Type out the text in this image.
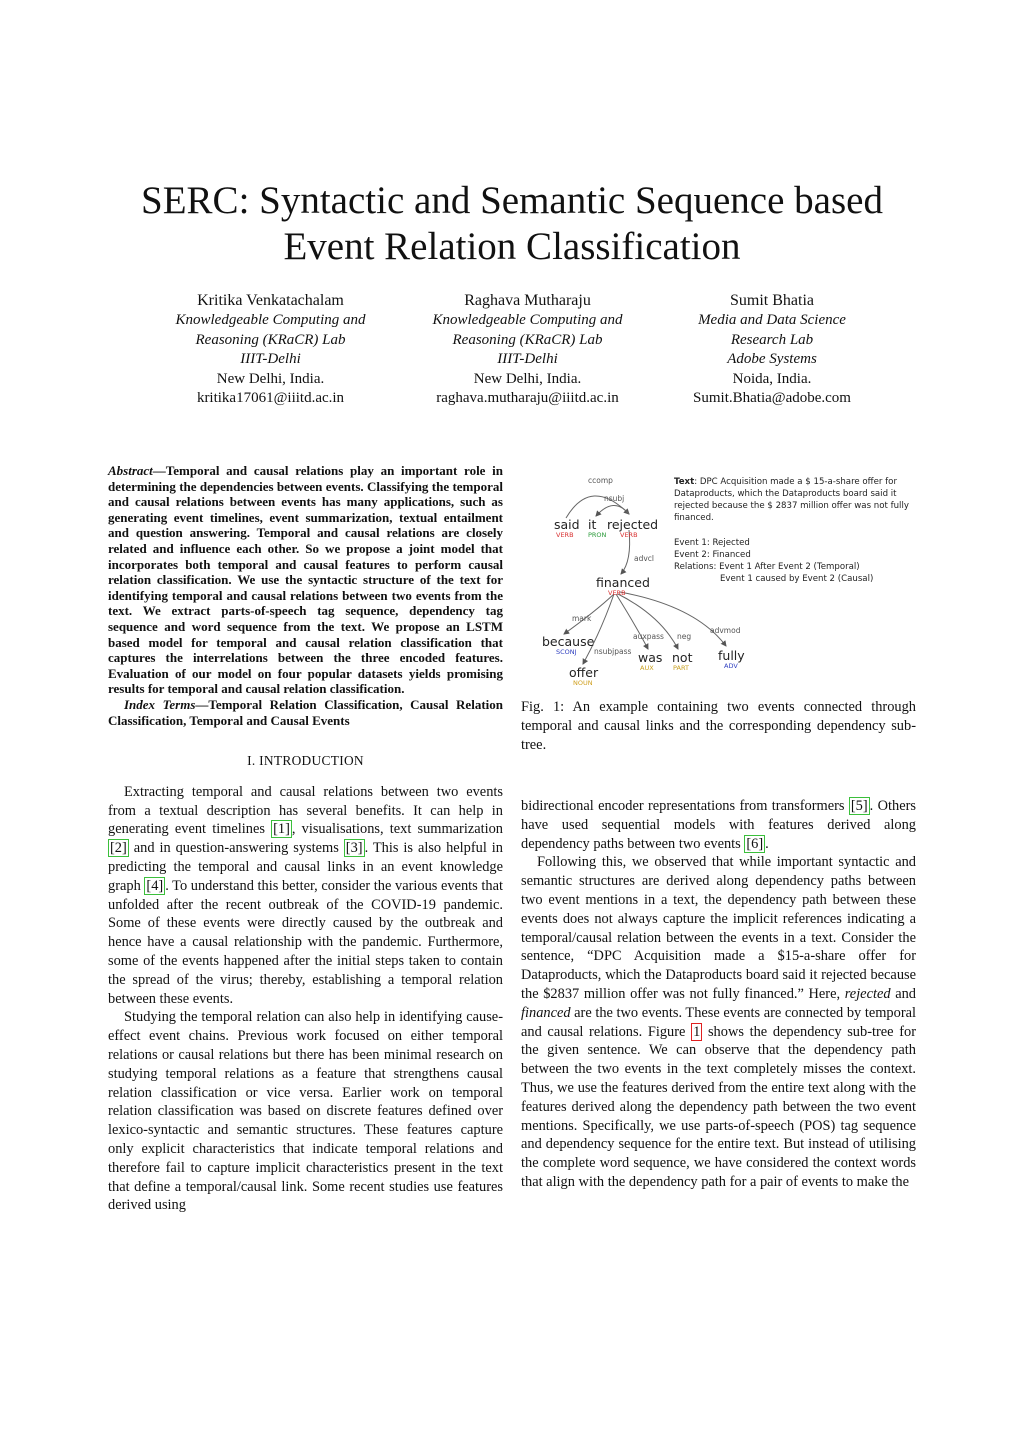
SERC: Syntactic and Semantic Sequence based
Event Relation Classification
Kritika Venkatachalam
Knowledgeable Computing and
Reasoning (KRaCR) Lab
IIIT-Delhi
New Delhi, India.
kritika17061@iiitd.ac.in
Raghava Mutharaju
Knowledgeable Computing and
Reasoning (KRaCR) Lab
IIIT-Delhi
New Delhi, India.
raghava.mutharaju@iiitd.ac.in
Sumit Bhatia
Media and Data Science
Research Lab
Adobe Systems
Noida, India.
Sumit.Bhatia@adobe.com
Abstract—Temporal and causal relations play an important role in determining the dependencies between events. Classifying the temporal and causal relations between events has many applications, such as generating event timelines, event summarization, textual entailment and question answering. Temporal and causal relations are closely related and influence each other. So we propose a joint model that incorporates both temporal and causal features to perform causal relation classification. We use the syntactic structure of the text for identifying temporal and causal relations between two events from the text. We extract parts-of-speech tag sequence, dependency tag sequence and word sequence from the text. We propose an LSTM based model for temporal and causal relation classification that captures the interrelations between the three encoded features. Evaluation of our model on four popular datasets yields promising results for temporal and causal relation classification.
Index Terms—Temporal Relation Classification, Causal Relation Classification, Temporal and Causal Events
I. INTRODUCTION

Extracting temporal and causal relations between two events from a textual description has several benefits. It can help in generating event timelines [1] , visualisations, text summarization [2] and in question-answering systems [3] . This is also helpful in predicting the temporal and causal links in an event knowledge graph [4] . To understand this better, consider the various events that unfolded after the recent outbreak of the COVID-19 pandemic. Some of these events were directly caused by the outbreak and hence have a causal relationship with the pandemic. Furthermore, some of the events happened after the initial steps taken to contain the spread of the virus; thereby, establishing a temporal relation between these events.

Studying the temporal relation can also help in identifying cause-effect event chains. Previous work focused on either temporal relations or causal relations but there has been minimal research on studying temporal relations as a feature that strengthens causal relation classification or vice versa. Earlier work on temporal relation classification was based on discrete features defined over lexico-syntactic and semantic structures. These features capture only explicit characteristics that indicate temporal relations and therefore fail to capture implicit characteristics present in the text that define a temporal/causal link. Some recent studies use features derived using

ccomp
nsubj
advcl
mark
nsubjpass
auxpass neg
advmod
said
VERB
it
PRON
rejected
VERB
financed
VERB
because
SCONJ
offer
NOUN
was
AUX
not
PART
fully
ADV
Text: DPC Acquisition made a $ 15-a-share offer for
Dataproducts, which the Dataproducts board said it
rejected because the $ 2837 million offer was not fully
financed.
Event 1: Rejected
Event 2: Financed
Relations: Event 1 After Event 2 (Temporal)
Event 1 caused by Event 2 (Causal)
Fig. 1: An example containing two events connected through temporal and causal links and the corresponding dependency sub-tree.

bidirectional encoder representations from transformers [5] . Others have used sequential models with features derived along dependency paths between two events [6] .

Following this, we observed that while important syntactic and semantic structures are derived along dependency paths between two event mentions in a text, the dependency path between these events does not always capture the implicit references indicating a temporal/causal relation between the events in a text. Consider the sentence, “DPC Acquisition made a $15-a-share offer for Dataproducts, which the Dataproducts board said it rejected because the $2837 million offer was not fully financed.” Here, rejected and financed are the two events. These events are connected by temporal and causal relations. Figure 1 shows the dependency sub-tree for the given sentence. We can observe that the dependency path between the two events in the text completely misses the context. Thus, we use the features derived from the entire text along with the features derived along the dependency path between the two event mentions. Specifically, we use parts-of-speech (POS) tag sequence and dependency sequence for the entire text. But instead of utilising the complete word sequence, we have considered the context words that align with the dependency path for a pair of events to make the
